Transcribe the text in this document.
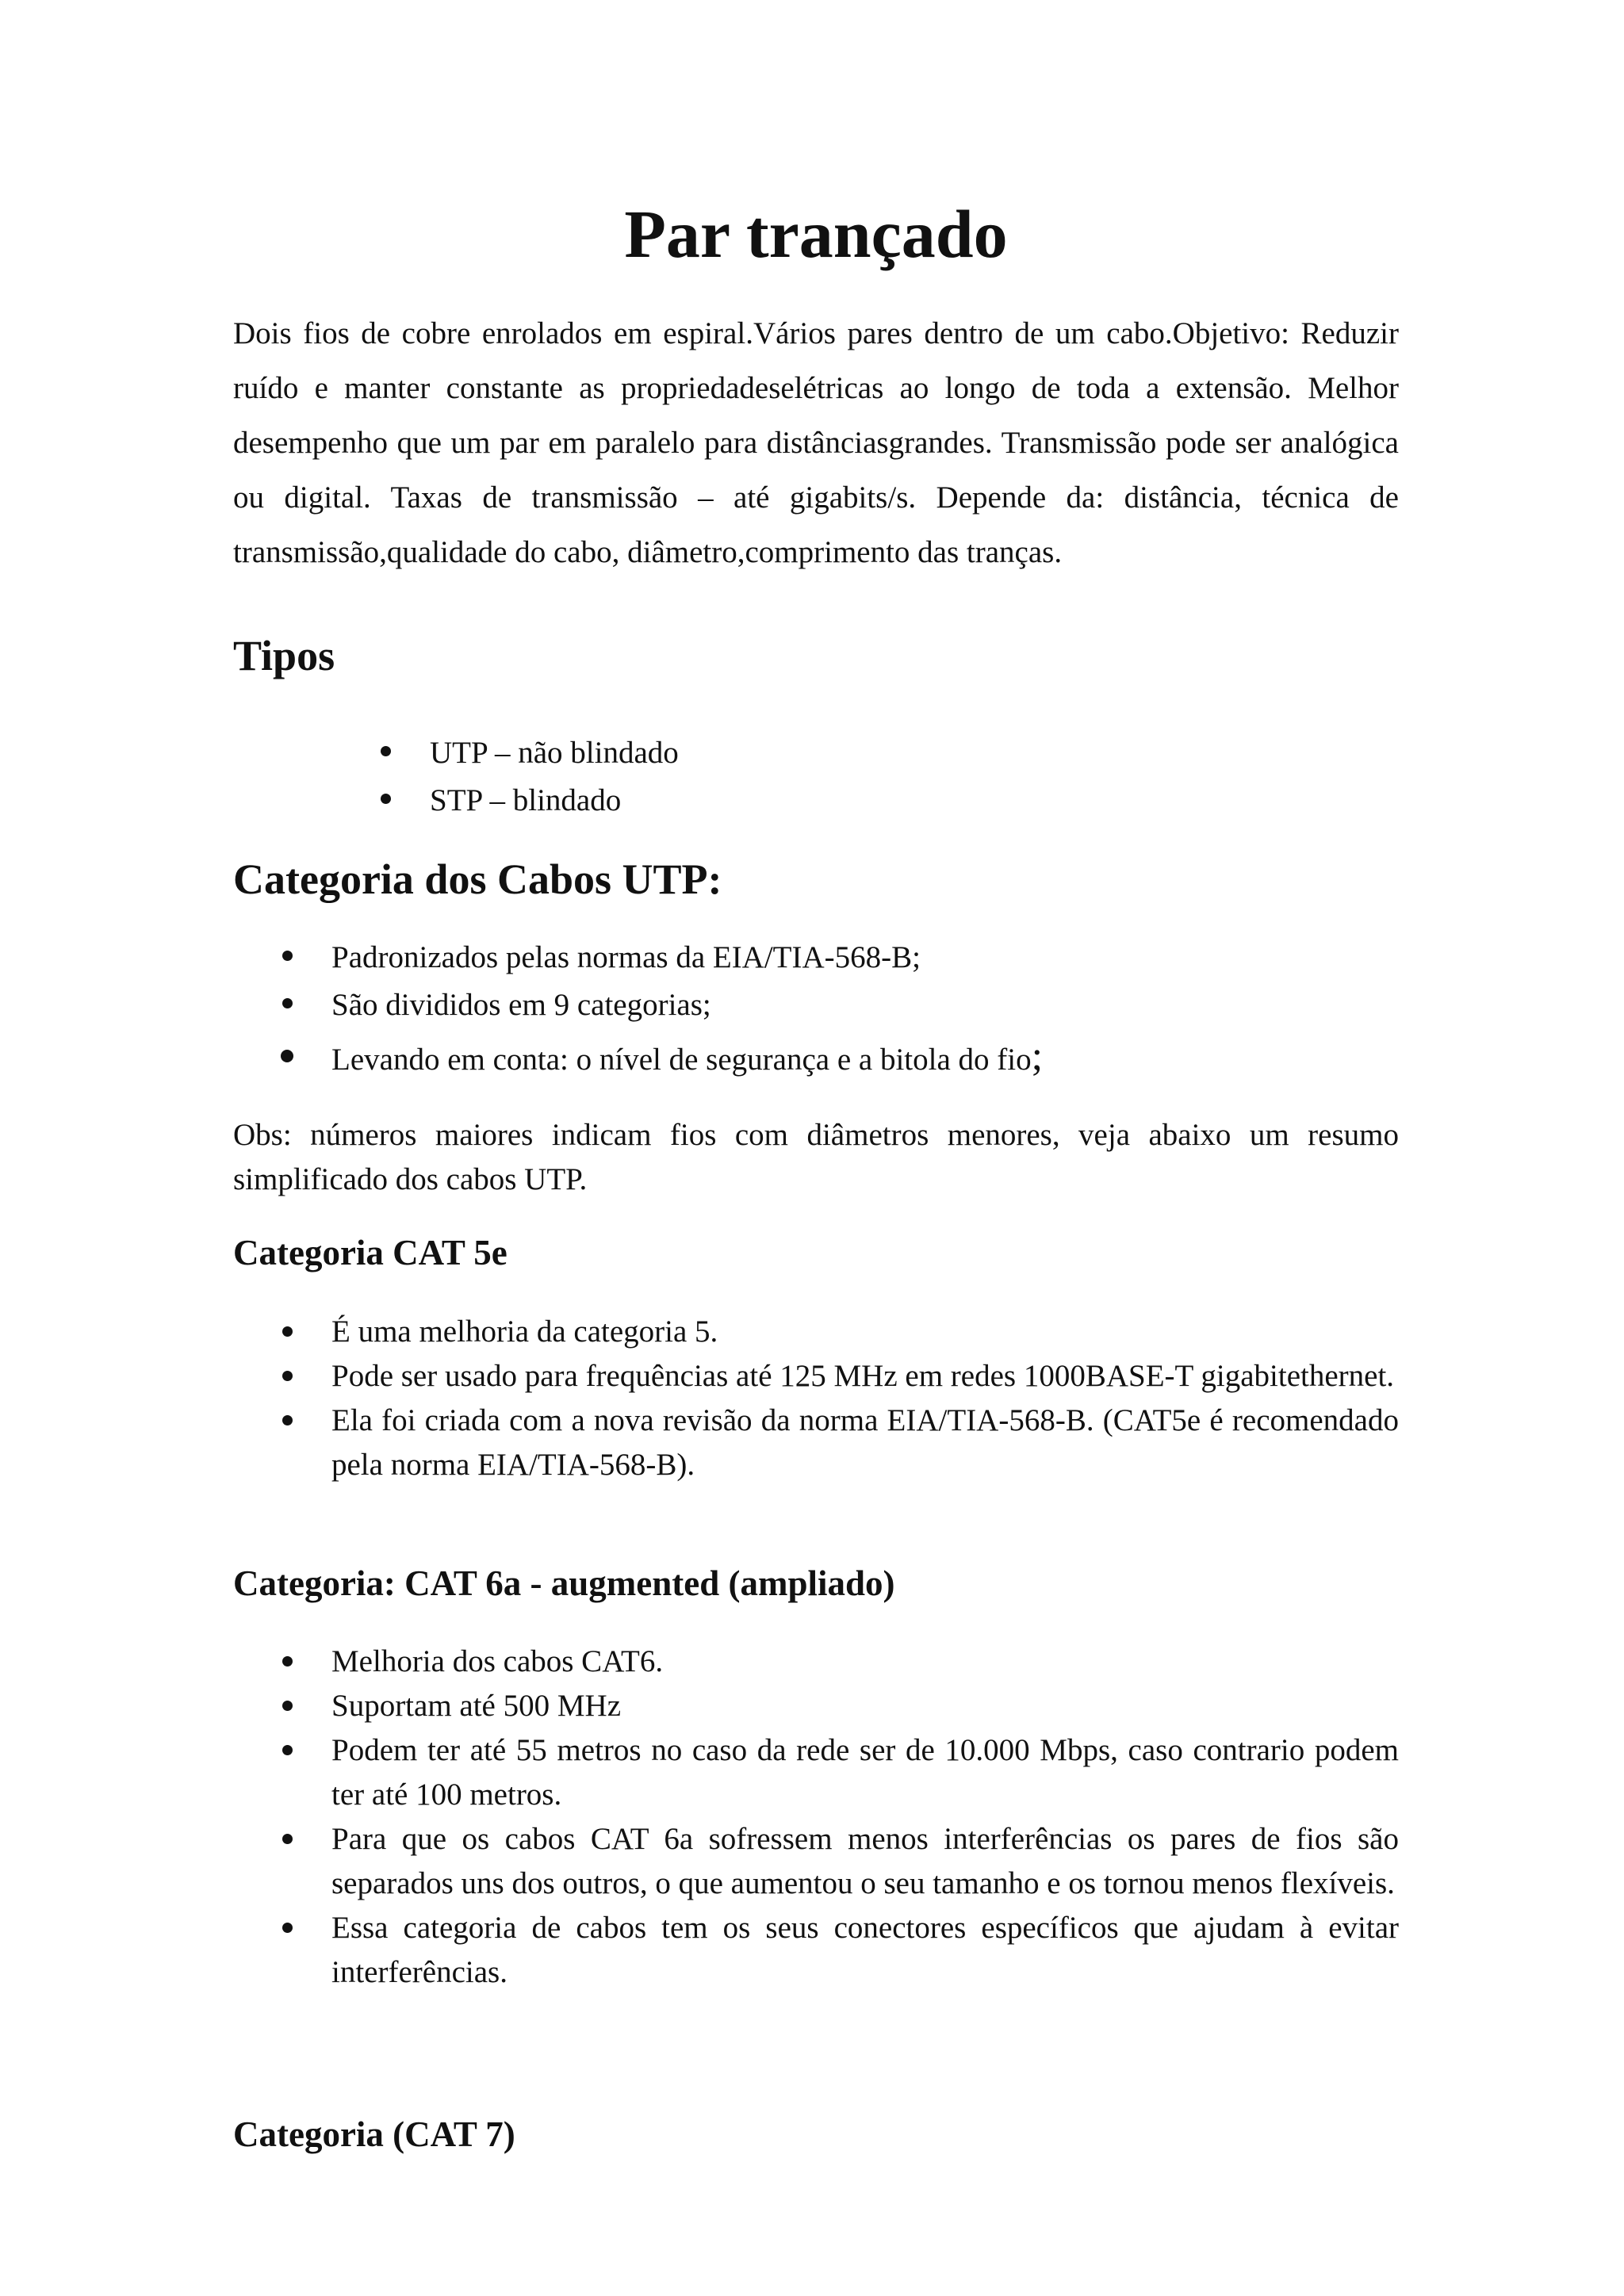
Par trançado

Dois fios de cobre enrolados em espiral.Vários pares dentro de um cabo.Objetivo: Reduzir ruído e manter constante as propriedadeselétricas ao longo de toda a extensão. Melhor desempenho que um par em paralelo para distânciasgrandes. Transmissão pode ser analógica ou digital. Taxas de transmissão – até gigabits/s. Depende da: distância, técnica de transmissão,qualidade do cabo, diâmetro,comprimento das tranças.

Tipos
UTP – não blindado
STP – blindado
Categoria dos Cabos UTP:
Padronizados pelas normas da EIA/TIA-568-B;
São divididos em 9 categorias;
Levando em conta: o nível de segurança e a bitola do fio;

Obs: números maiores indicam fios com diâmetros menores, veja abaixo um resumo simplificado dos cabos UTP.

Categoria CAT 5e
É uma melhoria da categoria 5.
Pode ser usado para frequências até 125 MHz em redes 1000BASE-T gigabitethernet.
Ela foi criada com a nova revisão da norma EIA/TIA-568-B. (CAT5e é recomendado pela norma EIA/TIA-568-B).
Categoria: CAT 6a - augmented (ampliado)
Melhoria dos cabos CAT6.
Suportam até 500 MHz
Podem ter até 55 metros no caso da rede ser de 10.000 Mbps, caso contrario podem ter até 100 metros.
Para que os cabos CAT 6a sofressem menos interferências os pares de fios são separados uns dos outros, o que aumentou o seu tamanho e os tornou menos flexíveis.
Essa categoria de cabos tem os seus conectores específicos que ajudam à evitar interferências.
Categoria (CAT 7)
